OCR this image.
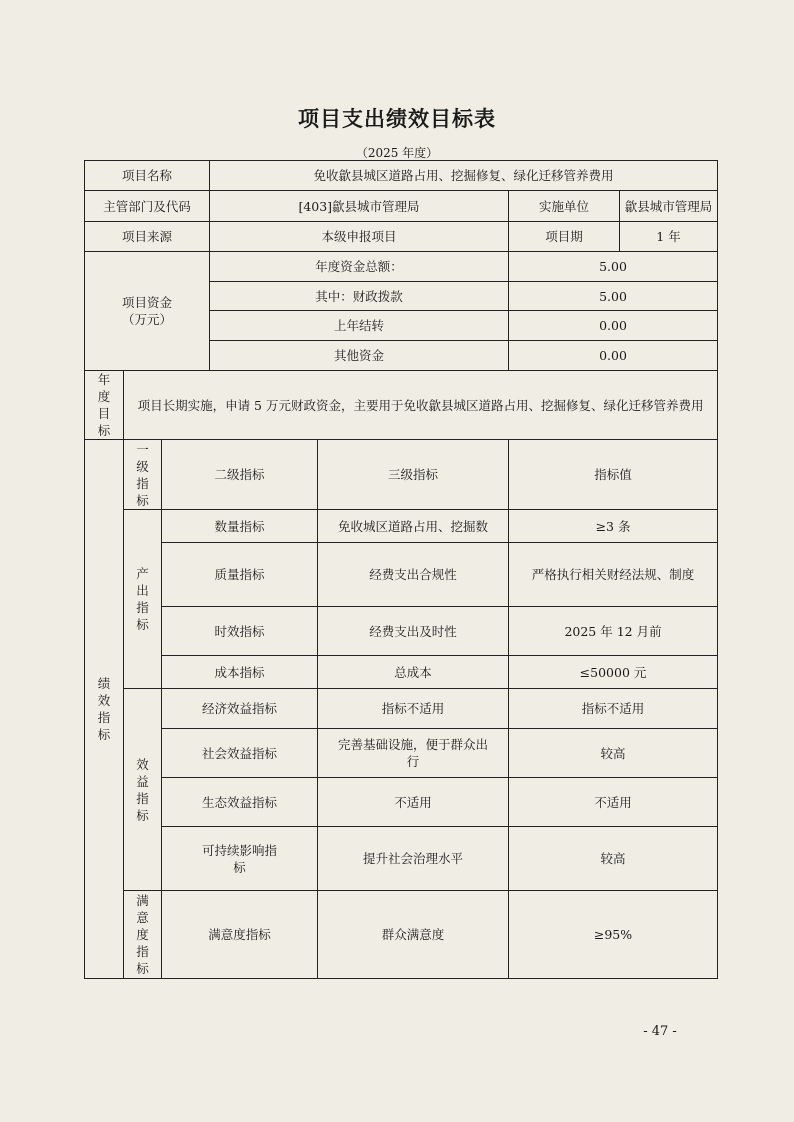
项目支出绩效目标表
（2025 年度）
项目名称			免收歙县城区道路占用、挖掘修复、绿化迁移管养费用			
主管部门及代码			[403]歙县城市管理局		实施单位	歙县城市管理局
项目来源			本级申报项目		项目期	1 年
项目资金
（万元）			年度资金总额：		5.00	
			其中：财政拨款		5.00	
			上年结转		0.00	
			其他资金		0.00	
年
度
目
标	项目长期实施，申请 5 万元财政资金，主要用于免收歙县城区道路占用、挖掘修复、绿化迁移管养费用					
绩
效
指
标	一
级
指
标	二级指标		三级指标	指标值	
	产
出
指
标	数量指标		免收城区道路占用、挖掘数	≥3 条	
		质量指标		经费支出合规性	严格执行相关财经法规、制度	
		时效指标		经费支出及时性	2025 年 12 月前	
		成本指标		总成本	≤50000 元	
	效
益
指
标	经济效益指标		指标不适用	指标不适用	
		社会效益指标		完善基础设施，便于群众出
行	较高	
		生态效益指标		不适用	不适用	
		可持续影响指
标		提升社会治理水平	较高	
	满
意
度
指
标	满意度指标		群众满意度	≥95%	
- 47 -
